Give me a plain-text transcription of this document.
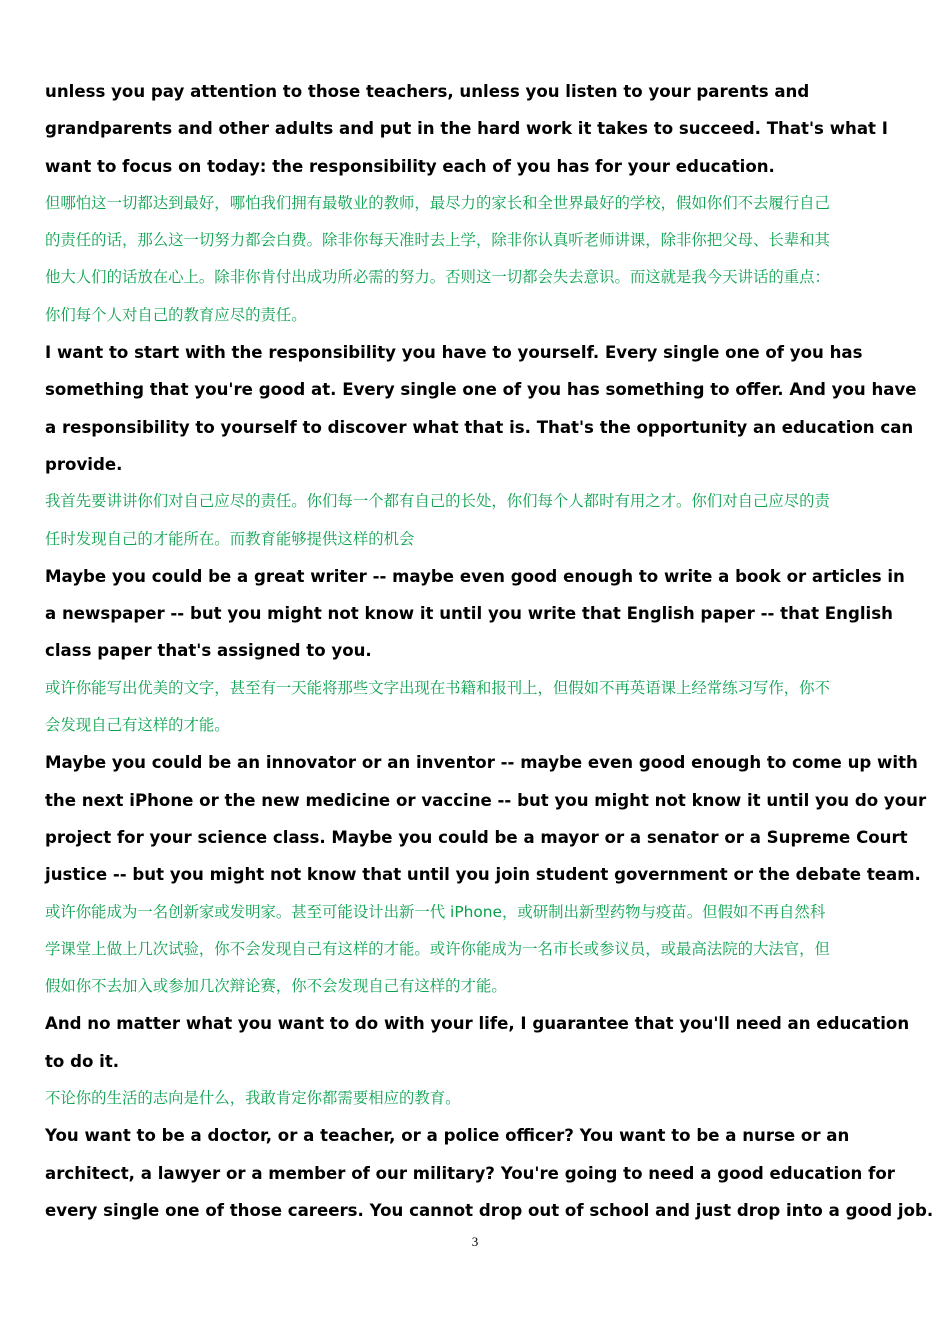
unless you pay attention to those teachers, unless you listen to your parents and
grandparents and other adults and put in the hard work it takes to succeed. That's what I
want to focus on today: the responsibility each of you has for your education.
但哪怕这一切都达到最好，哪怕我们拥有最敬业的教师，最尽力的家长和全世界最好的学校，假如你们不去履行自己
的责任的话，那么这一切努力都会白费。除非你每天准时去上学，除非你认真听老师讲课，除非你把父母、长辈和其
他大人们的话放在心上。除非你肯付出成功所必需的努力。否则这一切都会失去意识。而这就是我今天讲话的重点：
你们每个人对自己的教育应尽的责任。
I want to start with the responsibility you have to yourself. Every single one of you has
something that you're good at. Every single one of you has something to offer. And you have
a responsibility to yourself to discover what that is. That's the opportunity an education can
provide.
我首先要讲讲你们对自己应尽的责任。你们每一个都有自己的长处，你们每个人都时有用之才。你们对自己应尽的责
任时发现自己的才能所在。而教育能够提供这样的机会
Maybe you could be a great writer -- maybe even good enough to write a book or articles in
a newspaper -- but you might not know it until you write that English paper -- that English
class paper that's assigned to you.
或许你能写出优美的文字，甚至有一天能将那些文字出现在书籍和报刊上，但假如不再英语课上经常练习写作，你不
会发现自己有这样的才能。
Maybe you could be an innovator or an inventor -- maybe even good enough to come up with
the next iPhone or the new medicine or vaccine -- but you might not know it until you do your
project for your science class. Maybe you could be a mayor or a senator or a Supreme Court
justice -- but you might not know that until you join student government or the debate team.
或许你能成为一名创新家或发明家。甚至可能设计出新一代 iPhone，或研制出新型药物与疫苗。但假如不再自然科
学课堂上做上几次试验，你不会发现自己有这样的才能。或许你能成为一名市长或参议员，或最高法院的大法官，但
假如你不去加入或参加几次辩论赛，你不会发现自己有这样的才能。
And no matter what you want to do with your life, I guarantee that you'll need an education
to do it.
不论你的生活的志向是什么，我敢肯定你都需要相应的教育。
You want to be a doctor, or a teacher, or a police officer? You want to be a nurse or an
architect, a lawyer or a member of our military? You're going to need a good education for
every single one of those careers. You cannot drop out of school and just drop into a good job.
3
